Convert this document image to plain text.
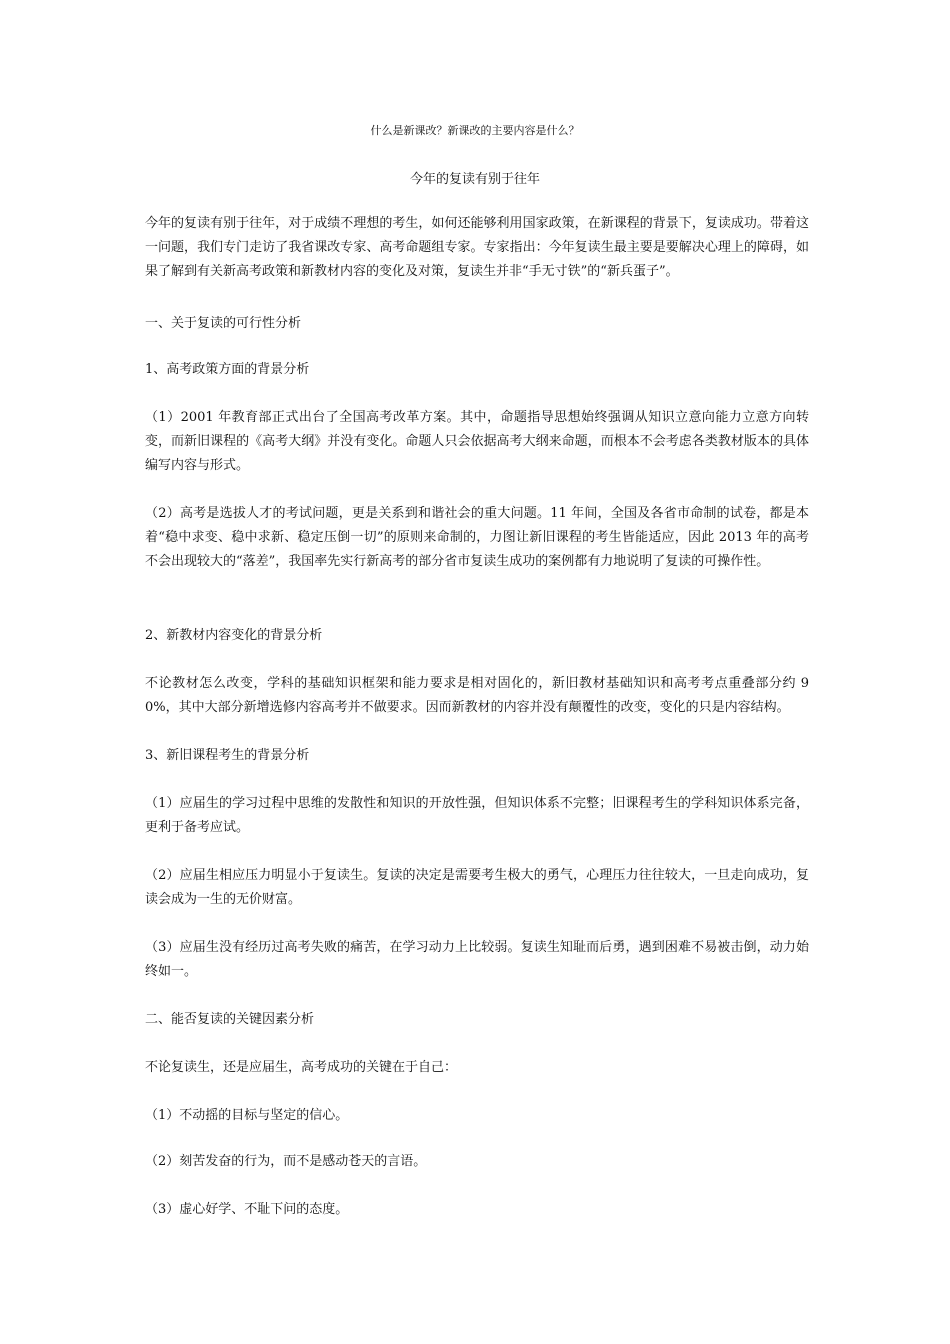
什么是新课改？新课改的主要内容是什么？
今年的复读有别于往年

今年的复读有别于往年，对于成绩不理想的考生，如何还能够利用国家政策，在新课程的背景下，复读成功。带着这一问题，我们专门走访了我省课改专家、高考命题组专家。专家指出：今年复读生最主要是要解决心理上的障碍，如果了解到有关新高考政策和新教材内容的变化及对策，复读生并非“手无寸铁”的“新兵蛋子”。

一、关于复读的可行性分析

1、高考政策方面的背景分析

（1）2001 年教育部正式出台了全国高考改革方案。其中，命题指导思想始终强调从知识立意向能力立意方向转变，而新旧课程的《高考大纲》并没有变化。命题人只会依据高考大纲来命题，而根本不会考虑各类教材版本的具体编写内容与形式。

（2）高考是选拔人才的考试问题，更是关系到和谐社会的重大问题。11 年间，全国及各省市命制的试卷，都是本着“稳中求变、稳中求新、稳定压倒一切”的原则来命制的，力图让新旧课程的考生皆能适应，因此 2013 年的高考不会出现较大的“落差”，我国率先实行新高考的部分省市复读生成功的案例都有力地说明了复读的可操作性。

2、新教材内容变化的背景分析

不论教材怎么改变，学科的基础知识框架和能力要求是相对固化的，新旧教材基础知识和高考考点重叠部分约 90%，其中大部分新增选修内容高考并不做要求。因而新教材的内容并没有颠覆性的改变，变化的只是内容结构。

3、新旧课程考生的背景分析

（1）应届生的学习过程中思维的发散性和知识的开放性强，但知识体系不完整；旧课程考生的学科知识体系完备，更利于备考应试。

（2）应届生相应压力明显小于复读生。复读的决定是需要考生极大的勇气，心理压力往往较大，一旦走向成功，复读会成为一生的无价财富。

（3）应届生没有经历过高考失败的痛苦，在学习动力上比较弱。复读生知耻而后勇，遇到困难不易被击倒，动力始终如一。

二、能否复读的关键因素分析

不论复读生，还是应届生，高考成功的关键在于自己：

（1）不动摇的目标与坚定的信心。

（2）刻苦发奋的行为，而不是感动苍天的言语。

（3）虚心好学、不耻下问的态度。
